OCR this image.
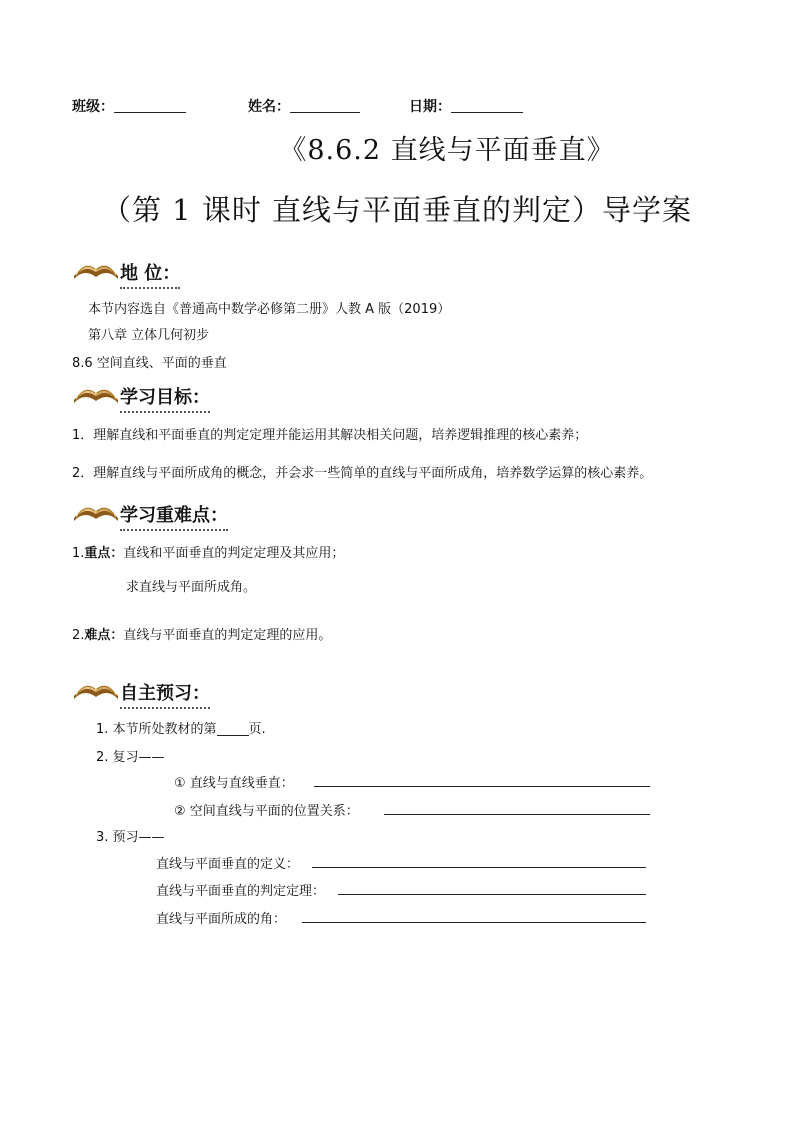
班级：	姓名：	日期：
《8.6.2 直线与平面垂直》
（第 1 课时 直线与平面垂直的判定）导学案
地 位：
本节内容选自《普通高中数学必修第二册》人教 A 版（2019）
第八章 立体几何初步
8.6 空间直线、平面的垂直
学习目标：
1．理解直线和平面垂直的判定定理并能运用其解决相关问题，培养逻辑推理的核心素养；
2．理解直线与平面所成角的概念，并会求一些简单的直线与平面所成角，培养数学运算的核心素养。
学习重难点：
1.重点：直线和平面垂直的判定定理及其应用；
求直线与平面所成角。
2.难点：直线与平面垂直的判定定理的应用。
自主预习：
1. 本节所处教材的第 页.
2. 复习——
① 直线与直线垂直：
② 空间直线与平面的位置关系：
3. 预习——
直线与平面垂直的定义：
直线与平面垂直的判定定理：
直线与平面所成的角：
